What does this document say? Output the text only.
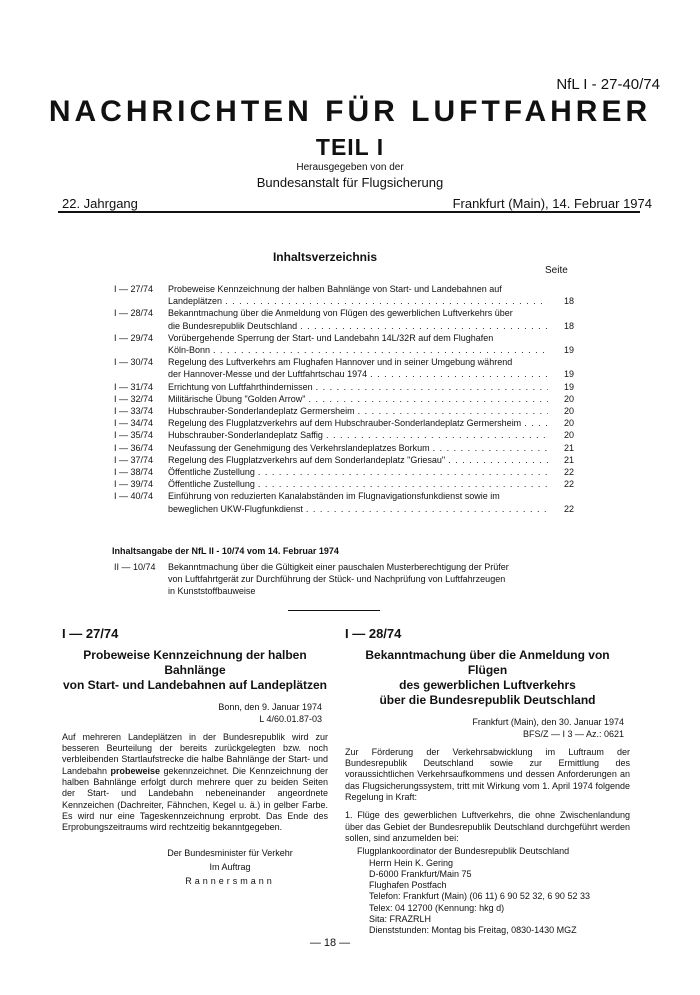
NfL I - 27-40/74
NACHRICHTEN FÜR LUFTFAHRER
TEIL I
Herausgegeben von der
Bundesanstalt für Flugsicherung
22. Jahrgang	Frankfurt (Main), 14. Februar 1974
Inhaltsverzeichnis
Seite
I — 27/74	Probeweise Kennzeichnung der halben Bahnlänge von Start- und Landebahnen auf
Landeplätzen . . .	18
I — 28/74	Bekanntmachung über die Anmeldung von Flügen des gewerblichen Luftverkehrs über
die Bundesrepublik Deutschland . . .	18
I — 29/74	Vorübergehende Sperrung der Start- und Landebahn 14L/32R auf dem Flughafen
Köln-Bonn . . .	19
I — 30/74	Regelung des Luftverkehrs am Flughafen Hannover und in seiner Umgebung während
der Hannover-Messe und der Luftfahrtschau 1974 . . .	19
I — 31/74	Errichtung von Luftfahrthindernissen . . .	19
I — 32/74	Militärische Übung "Golden Arrow" . . .	20
I — 33/74	Hubschrauber-Sonderlandeplatz Germersheim . . .	20
I — 34/74	Regelung des Flugplatzverkehrs auf dem Hubschrauber-Sonderlandeplatz Germersheim . . .	20
I — 35/74	Hubschrauber-Sonderlandeplatz Saffig . . .	20
I — 36/74	Neufassung der Genehmigung des Verkehrslandeplatzes Borkum . . .	21
I — 37/74	Regelung des Flugplatzverkehrs auf dem Sonderlandeplatz "Griesau" . . .	21
I — 38/74	Öffentliche Zustellung . . .	22
I — 39/74	Öffentliche Zustellung . . .	22
I — 40/74	Einführung von reduzierten Kanalabständen im Flugnavigationsfunkdienst sowie im
beweglichen UKW-Flugfunkdienst . . .	22
Inhaltsangabe der NfL II - 10/74 vom 14. Februar 1974
II — 10/74	Bekanntmachung über die Gültigkeit einer pauschalen Musterberechtigung der Prüfer
von Luftfahrtgerät zur Durchführung der Stück- und Nachprüfung von Luftfahrzeugen
in Kunststoffbauweise
I — 27/74
Probeweise Kennzeichnung der halben Bahnlänge
von Start- und Landebahnen auf Landeplätzen
Bonn, den 9. Januar 1974
L 4/60.01.87-03
Auf mehreren Landeplätzen in der Bundesrepublik wird zur besseren Beurteilung der bereits zurückgelegten bzw. noch verbleibenden Startlaufstrecke die halbe Bahnlänge der Start- und Landebahn probeweise gekennzeichnet. Die Kennzeichnung der halben Bahnlänge erfolgt durch mehrere quer zu beiden Seiten der Start- und Landebahn nebeneinander angeordnete Kennzeichen (Dachreiter, Fähnchen, Kegel u. ä.) in gelber Farbe. Es wird nur eine Tageskennzeichnung erprobt. Das Ende des Erprobungszeitraums wird rechtzeitig bekanntgegeben.
Der Bundesminister für Verkehr
Im Auftrag
Rannersmann
I — 28/74
Bekanntmachung über die Anmeldung von Flügen
des gewerblichen Luftverkehrs
über die Bundesrepublik Deutschland
Frankfurt (Main), den 30. Januar 1974
BFS/Z — I 3 — Az.: 0621
Zur Förderung der Verkehrsabwicklung im Luftraum der Bundesrepublik Deutschland sowie zur Ermittlung des voraussichtlichen Verkehrsaufkommens und dessen Anforderungen an das Flugsicherungssystem, tritt mit Wirkung vom 1. April 1974 folgende Regelung in Kraft:
1. Flüge des gewerblichen Luftverkehrs, die ohne Zwischenlandung über das Gebiet der Bundesrepublik Deutschland durchgeführt werden sollen, sind anzumelden bei:
Flugplankoordinator der Bundesrepublik Deutschland
Herrn Hein K. Gering
D-6000 Frankfurt/Main 75
Flughafen Postfach
Telefon: Frankfurt (Main) (06 11) 6 90 52 32, 6 90 52 33
Telex: 04 12700 (Kennung: hkg d)
Sita: FRAZRLH
Dienststunden: Montag bis Freitag, 0830-1430 MGZ
— 18 —
